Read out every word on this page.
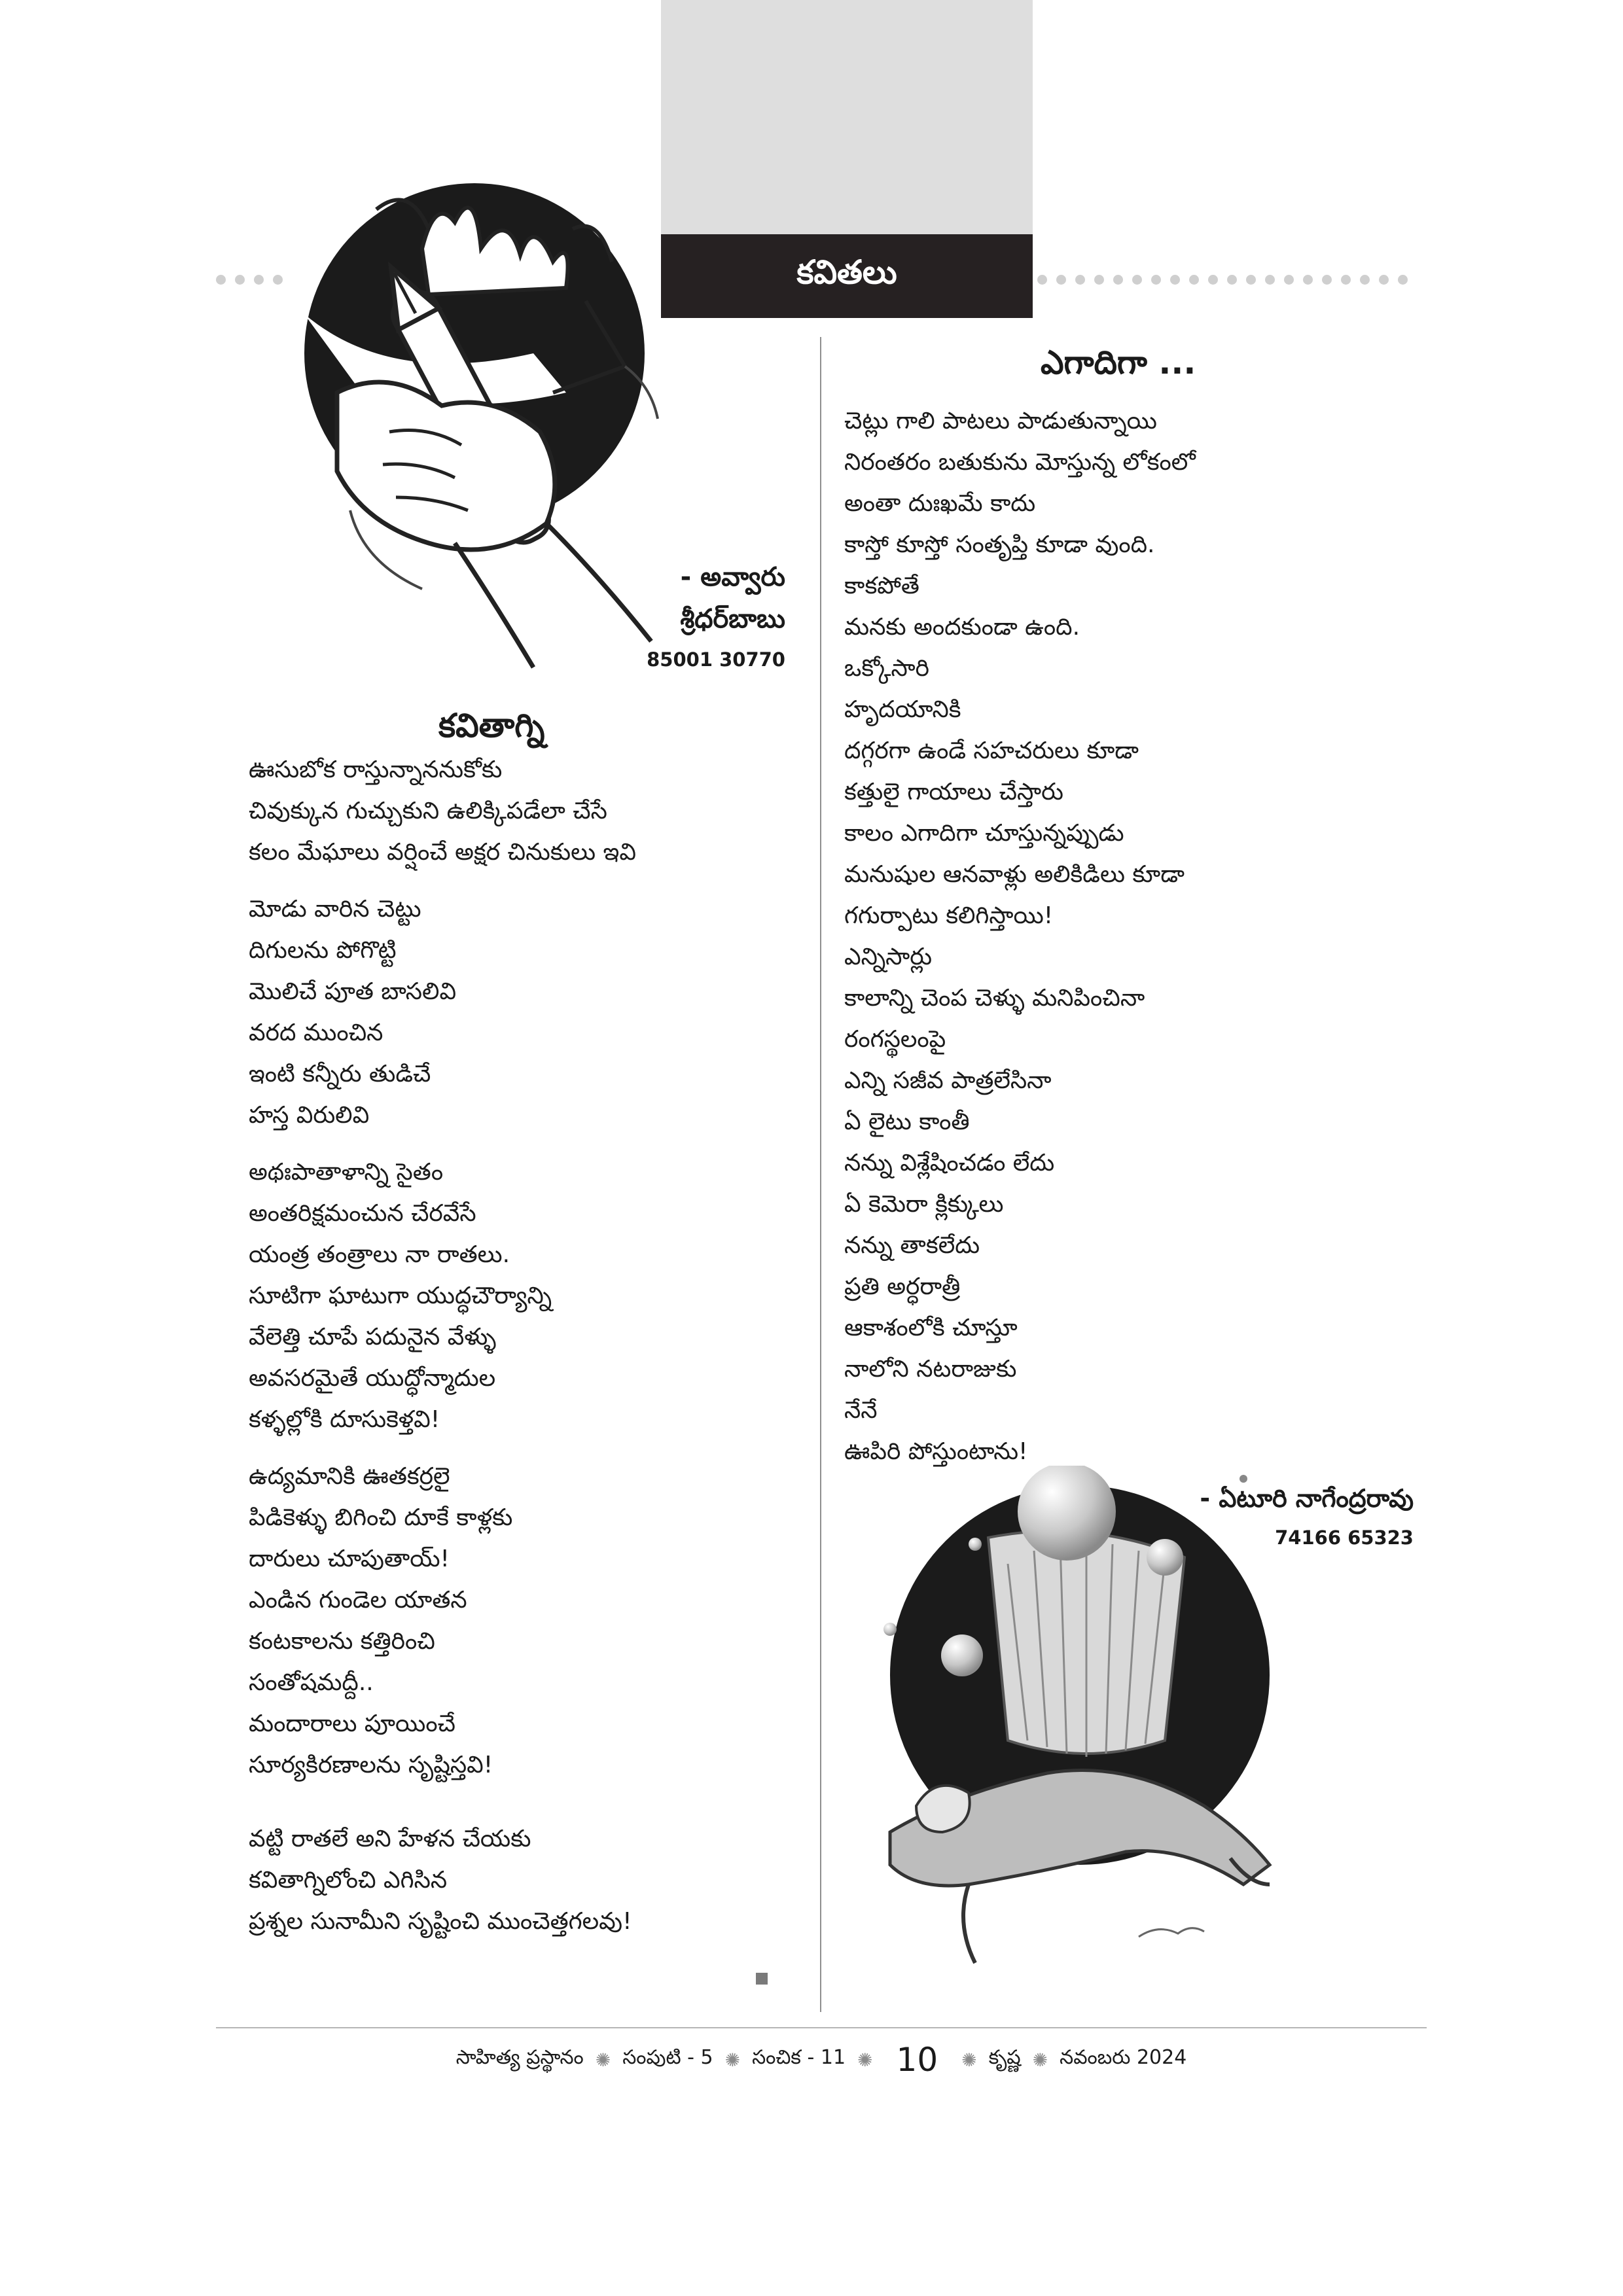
కవితలు
- అవ్వారు
శ్రీధర్‌బాబు
85001 30770
కవితాగ్ని
ఊసుబోక రాస్తున్నాననుకోకు
చివుక్కున గుచ్చుకుని ఉలిక్కిపడేలా చేసే
కలం మేఘాలు వర్షించే అక్షర చినుకులు ఇవి
మోడు వారిన చెట్టు
దిగులను పోగొట్టి
మొలిచే పూత బాసలివి
వరద ముంచిన
ఇంటి కన్నీరు తుడిచే
హస్త విరులివి
అథఃపాతాళాన్ని సైతం
అంతరిక్షమంచున చేరవేసే
యంత్ర తంత్రాలు నా రాతలు.
సూటిగా ఘాటుగా యుద్ధచౌర్యాన్ని
వేలెత్తి చూపే పదునైన వేళ్ళు
అవసరమైతే యుద్ధోన్మాదుల
కళ్ళల్లోకి దూసుకెళ్తవి!
ఉద్యమానికి ఊతకర్రలై
పిడికెళ్ళు బిగించి దూకే కాళ్లకు
దారులు చూపుతాయ్!
ఎండిన గుండెల యాతన
కంటకాలను కత్తిరించి
సంతోషమద్దీ..
మందారాలు పూయించే
సూర్యకిరణాలను సృష్టిస్తవి!
వట్టి రాతలే అని హేళన చేయకు
కవితాగ్నిలోంచి ఎగిసిన
ప్రశ్నల సునామీని సృష్టించి ముంచెత్తగలవు!
ఎగాదిగా ...
చెట్లు గాలి పాటలు పాడుతున్నాయి
నిరంతరం బతుకును మోస్తున్న లోకంలో
అంతా దుఃఖమే కాదు
కాస్తో కూస్తో సంతృప్తి కూడా వుంది.
కాకపోతే
మనకు అందకుండా ఉంది.
ఒక్కోసారి
హృదయానికి
దగ్గరగా ఉండే సహచరులు కూడా
కత్తులై గాయాలు చేస్తారు
కాలం ఎగాదిగా చూస్తున్నప్పుడు
మనుషుల ఆనవాళ్లు అలికిడిలు కూడా
గగుర్పాటు కలిగిస్తాయి!
ఎన్నిసార్లు
కాలాన్ని చెంప చెళ్ళు మనిపించినా
రంగస్థలంపై
ఎన్ని సజీవ పాత్రలేసినా
ఏ లైటు కాంతీ
నన్ను విశ్లేషించడం లేదు
ఏ కెమెరా క్లిక్కులు
నన్ను తాకలేదు
ప్రతి అర్ధరాత్రీ
ఆకాశంలోకి చూస్తూ
నాలోని నటరాజుకు
నేనే
ఊపిరి పోస్తుంటాను!
- ఏటూరి నాగేంద్రరావు
74166 65323
సాహిత్య ప్రస్థానం ✺ సంపుటి - 5 ✺ సంచిక - 11 ✺ 10 ✺ కృష్ణ ✺ నవంబరు 2024
